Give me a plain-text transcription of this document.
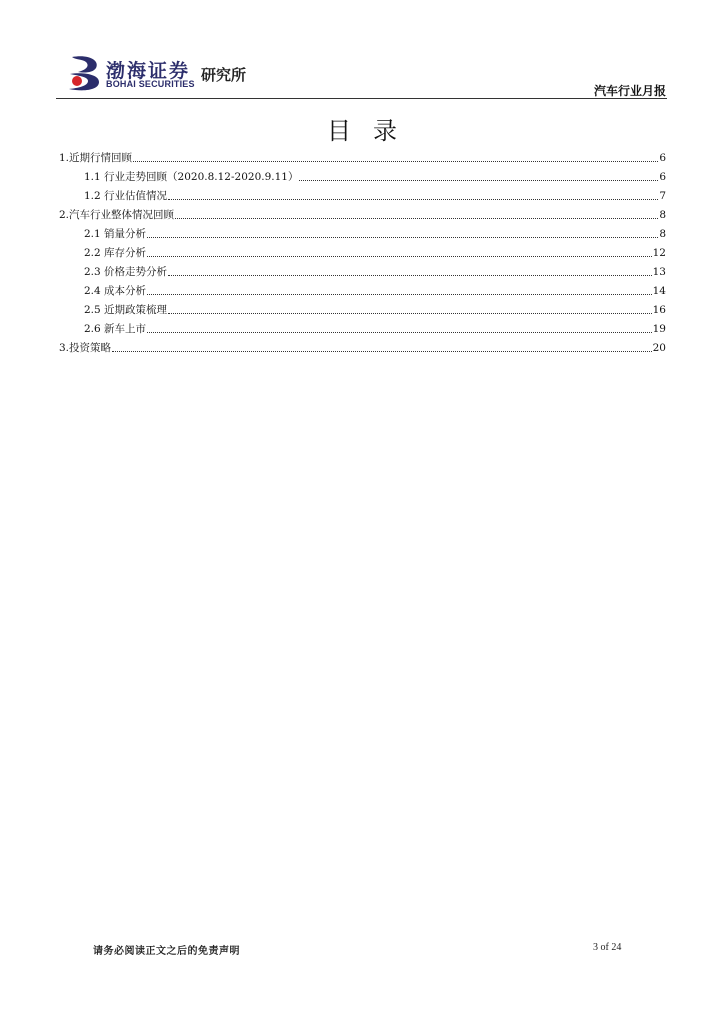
渤海证券
BOHAI SECURITIES 研究所
汽车行业月报
目录
1.近期行情回顾	6
1.1 行业走势回顾（2020.8.12-2020.9.11）	6
1.2 行业估值情况	7
2.汽车行业整体情况回顾	8
2.1 销量分析	8
2.2 库存分析	12
2.3 价格走势分析	13
2.4 成本分析	14
2.5 近期政策梳理	16
2.6 新车上市	19
3.投资策略	20
请务必阅读正文之后的免责声明	3 of 24
